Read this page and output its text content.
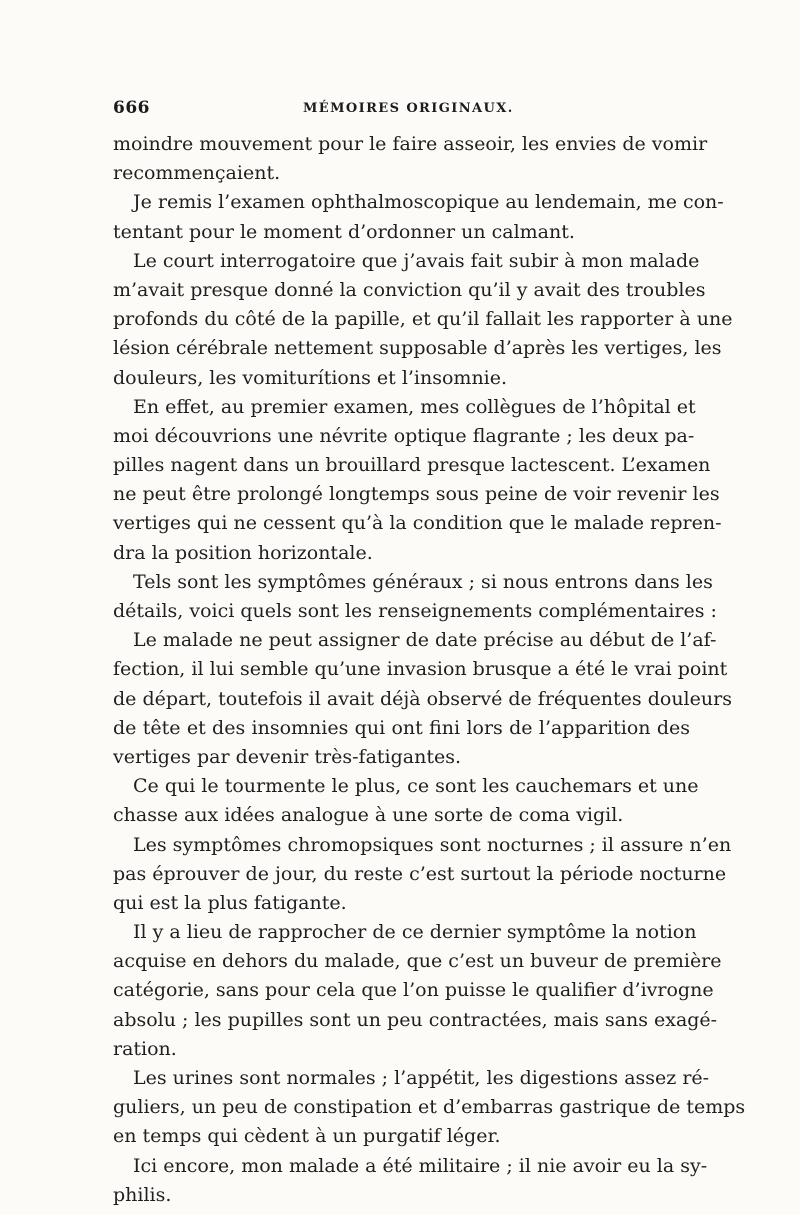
666	MÉMOIRES ORIGINAUX.
moindre mouvement pour le faire asseoir, les envies de vomir
recommençaient.
Je remis l’examen ophthalmoscopique au lendemain, me con-
tentant pour le moment d’ordonner un calmant.
Le court interrogatoire que j’avais fait subir à mon malade
m’avait presque donné la conviction qu’il y avait des troubles
profonds du côté de la papille, et qu’il fallait les rapporter à une
lésion cérébrale nettement supposable d’après les vertiges, les
douleurs, les vomiturítions et l’insomnie.
En effet, au premier examen, mes collègues de l’hôpital et
moi découvrions une névrite optique flagrante ; les deux pa-
pilles nagent dans un brouillard presque lactescent. L’examen
ne peut être prolongé longtemps sous peine de voir revenir les
vertiges qui ne cessent qu’à la condition que le malade repren-
dra la position horizontale.
Tels sont les symptômes généraux ; si nous entrons dans les
détails, voici quels sont les renseignements complémentaires :
Le malade ne peut assigner de date précise au début de l’af-
fection, il lui semble qu’une invasion brusque a été le vrai point
de départ, toutefois il avait déjà observé de fréquentes douleurs
de tête et des insomnies qui ont fini lors de l’apparition des
vertiges par devenir très-fatigantes.
Ce qui le tourmente le plus, ce sont les cauchemars et une
chasse aux idées analogue à une sorte de coma vigil.
Les symptômes chromopsiques sont nocturnes ; il assure n’en
pas éprouver de jour, du reste c’est surtout la période nocturne
qui est la plus fatigante.
Il y a lieu de rapprocher de ce dernier symptôme la notion
acquise en dehors du malade, que c’est un buveur de première
catégorie, sans pour cela que l’on puisse le qualifier d’ivrogne
absolu ; les pupilles sont un peu contractées, mais sans exagé-
ration.
Les urines sont normales ; l’appétit, les digestions assez ré-
guliers, un peu de constipation et d’embarras gastrique de temps
en temps qui cèdent à un purgatif léger.
Ici encore, mon malade a été militaire ; il nie avoir eu la sy-
philis.
